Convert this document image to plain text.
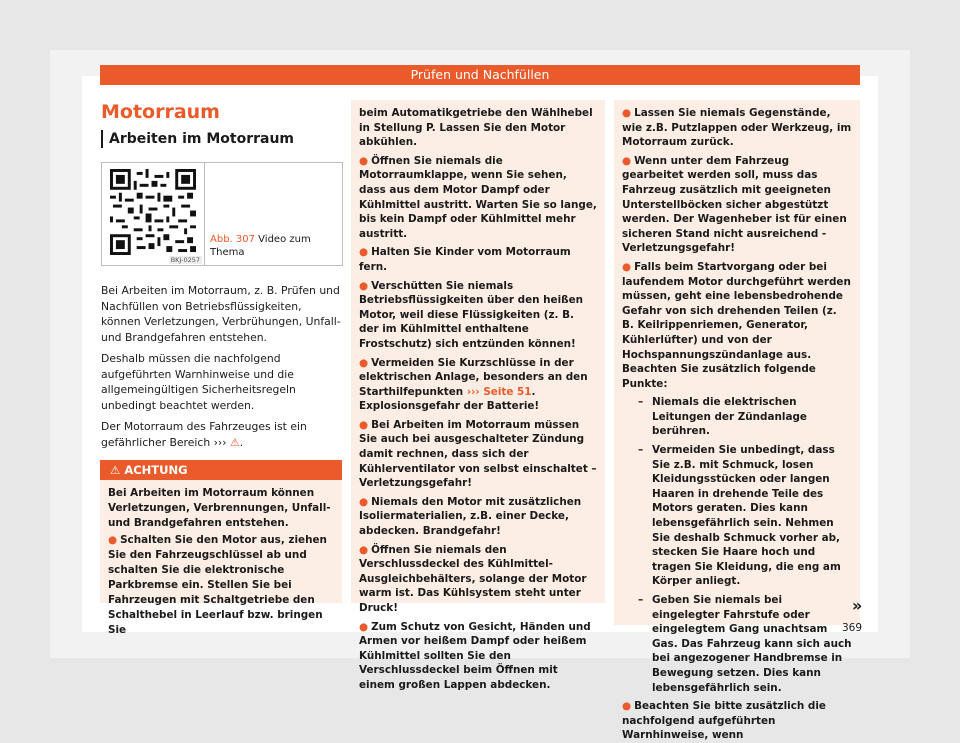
Prüfen und Nachfüllen
Motorraum
Arbeiten im Motorraum
BKJ-0257
Abb. 307 Video zum
Thema

Bei Arbeiten im Motorraum, z. B. Prüfen und Nachfüllen von Betriebsflüssigkeiten, können Verletzungen, Verbrühungen, Unfall- und Brandgefahren entstehen.

Deshalb müssen die nachfolgend aufgeführten Warnhinweise und die allgemeingültigen Sicherheitsregeln unbedingt beachtet werden.

Der Motorraum des Fahrzeuges ist ein gefährlicher Bereich ››› ⚠.

⚠ ACHTUNG

Bei Arbeiten im Motorraum können Verletzungen, Verbrennungen, Unfall- und Brandgefahren entstehen.

● Schalten Sie den Motor aus, ziehen Sie den Fahrzeugschlüssel ab und schalten Sie die elektronische Parkbremse ein. Stellen Sie bei Fahrzeugen mit Schaltgetriebe den Schalthebel in Leerlauf bzw. bringen Sie

beim Automatikgetriebe den Wählhebel in Stellung P. Lassen Sie den Motor abkühlen.

● Öffnen Sie niemals die Motorraumklappe, wenn Sie sehen, dass aus dem Motor Dampf oder Kühlmittel austritt. Warten Sie so lange, bis kein Dampf oder Kühlmittel mehr austritt.

● Halten Sie Kinder vom Motorraum fern.

● Verschütten Sie niemals Betriebsflüssigkeiten über den heißen Motor, weil diese Flüssigkeiten (z. B. der im Kühlmittel enthaltene Frostschutz) sich entzünden können!

● Vermeiden Sie Kurzschlüsse in der elektrischen Anlage, besonders an den Starthilfepunkten ››› Seite 51. Explosionsgefahr der Batterie!

● Bei Arbeiten im Motorraum müssen Sie auch bei ausgeschalteter Zündung damit rechnen, dass sich der Kühlerventilator von selbst einschaltet – Verletzungsgefahr!

● Niemals den Motor mit zusätzlichen Isoliermaterialien, z.B. einer Decke, abdecken. Brandgefahr!

● Öffnen Sie niemals den Verschlussdeckel des Kühlmittel-Ausgleichbehälters, solange der Motor warm ist. Das Kühlsystem steht unter Druck!

● Zum Schutz von Gesicht, Händen und Armen vor heißem Dampf oder heißem Kühlmittel sollten Sie den Verschlussdeckel beim Öffnen mit einem großen Lappen abdecken.

● Lassen Sie niemals Gegenstände, wie z.B. Putzlappen oder Werkzeug, im Motorraum zurück.

● Wenn unter dem Fahrzeug gearbeitet werden soll, muss das Fahrzeug zusätzlich mit geeigneten Unterstellböcken sicher abgestützt werden. Der Wagenheber ist für einen sicheren Stand nicht ausreichend - Verletzungsgefahr!

● Falls beim Startvorgang oder bei laufendem Motor durchgeführt werden müssen, geht eine lebensbedrohende Gefahr von sich drehenden Teilen (z. B. Keilrippenriemen, Generator, Kühlerlüfter) und von der Hochspannungszündanlage aus. Beachten Sie zusätzlich folgende Punkte:

– Niemals die elektrischen Leitungen der Zündanlage berühren.
– Vermeiden Sie unbedingt, dass Sie z.B. mit Schmuck, losen Kleidungsstücken oder langen Haaren in drehende Teile des Motors geraten. Dies kann lebensgefährlich sein. Nehmen Sie deshalb Schmuck vorher ab, stecken Sie Haare hoch und tragen Sie Kleidung, die eng am Körper anliegt.
– Geben Sie niemals bei eingelegter Fahrstufe oder eingelegtem Gang unachtsam Gas. Das Fahrzeug kann sich auch bei angezogener Handbremse in Bewegung setzen. Dies kann lebensgefährlich sein.

● Beachten Sie bitte zusätzlich die nachfolgend aufgeführten Warnhinweise, wenn

»
369
